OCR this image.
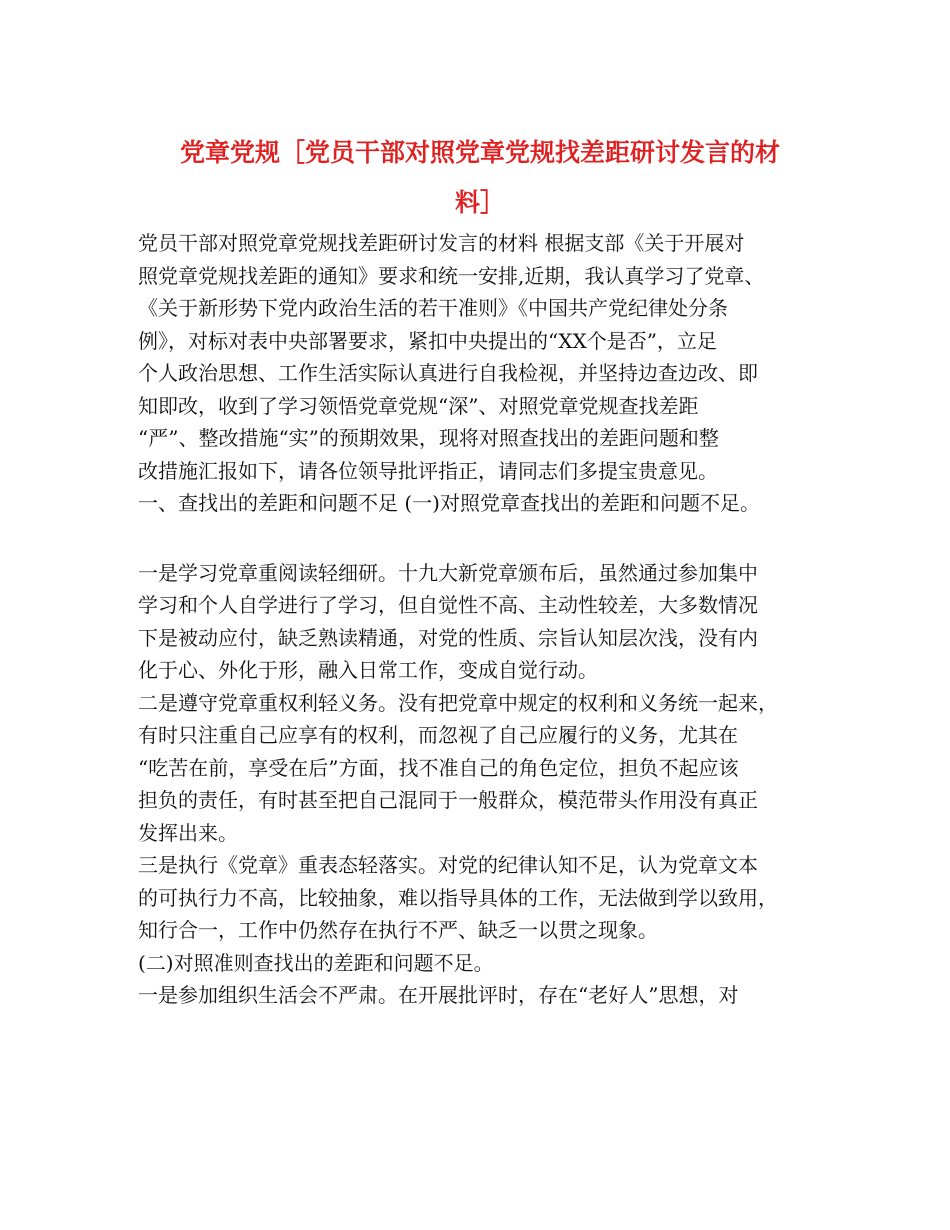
党章党规［党员干部对照党章党规找差距研讨发言的材
料］
党员干部对照党章党规找差距研讨发言的材料 根据支部《关于开展对
照党章党规找差距的通知》要求和统一安排,近期，我认真学习了党章、
《关于新形势下党内政治生活的若干准则》《中国共产党纪律处分条
例》，对标对表中央部署要求，紧扣中央提出的“XX个是否”，立足
个人政治思想、工作生活实际认真进行自我检视，并坚持边查边改、即
知即改，收到了学习领悟党章党规“深”、对照党章党规查找差距
“严”、整改措施“实”的预期效果，现将对照查找出的差距问题和整
改措施汇报如下，请各位领导批评指正，请同志们多提宝贵意见。
一、查找出的差距和问题不足 (一)对照党章查找出的差距和问题不足。
一是学习党章重阅读轻细研。十九大新党章颁布后，虽然通过参加集中
学习和个人自学进行了学习，但自觉性不高、主动性较差，大多数情况
下是被动应付，缺乏熟读精通，对党的性质、宗旨认知层次浅，没有内
化于心、外化于形，融入日常工作，变成自觉行动。
二是遵守党章重权利轻义务。没有把党章中规定的权利和义务统一起来，
有时只注重自己应享有的权利，而忽视了自己应履行的义务，尤其在
“吃苦在前，享受在后”方面，找不准自己的角色定位，担负不起应该
担负的责任，有时甚至把自己混同于一般群众，模范带头作用没有真正
发挥出来。
三是执行《党章》重表态轻落实。对党的纪律认知不足，认为党章文本
的可执行力不高，比较抽象，难以指导具体的工作，无法做到学以致用，
知行合一，工作中仍然存在执行不严、缺乏一以贯之现象。
(二)对照准则查找出的差距和问题不足。
一是参加组织生活会不严肃。在开展批评时，存在“老好人”思想，对
